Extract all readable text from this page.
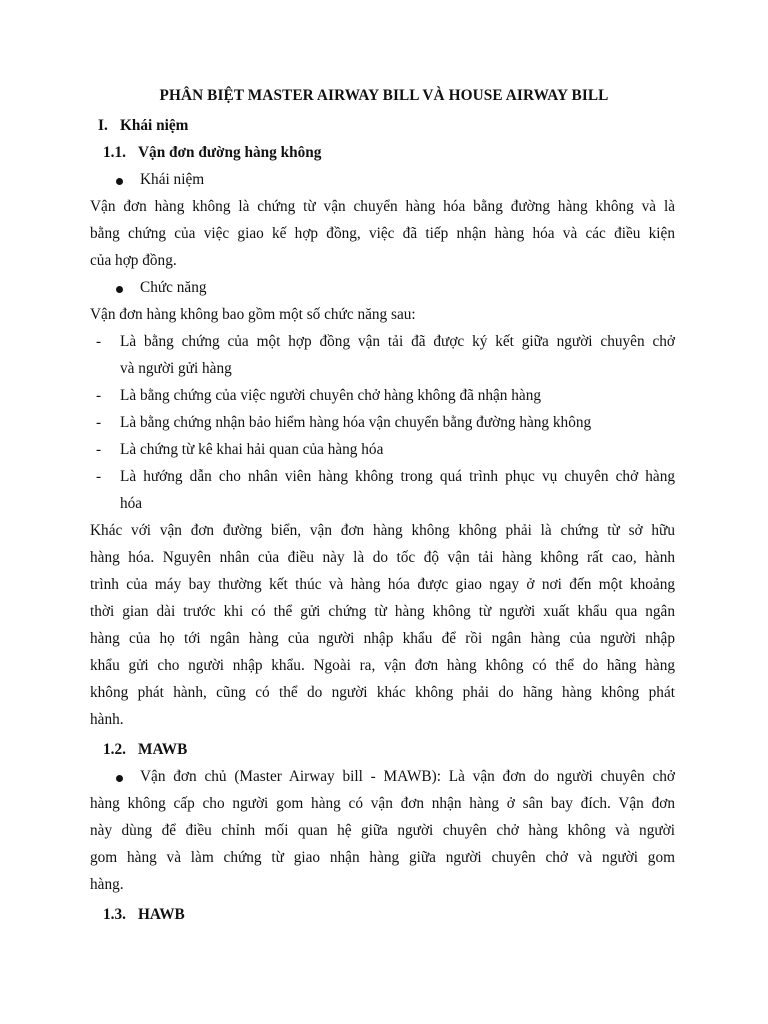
PHÂN BIỆT MASTER AIRWAY BILL VÀ HOUSE AIRWAY BILL
I. Khái niệm
1.1. Vận đơn đường hàng không
Khái niệm
Vận đơn hàng không là chứng từ vận chuyển hàng hóa bằng đường hàng không và là
bằng chứng của việc giao kế hợp đồng, việc đã tiếp nhận hàng hóa và các điều kiện
của hợp đồng.
Chức năng
Vận đơn hàng không bao gồm một số chức năng sau:
- Là bằng chứng của một hợp đồng vận tải đã được ký kết giữa người chuyên chở
và người gửi hàng
- Là bằng chứng của việc người chuyên chở hàng không đã nhận hàng
- Là bằng chứng nhận bảo hiểm hàng hóa vận chuyển bằng đường hàng không
- Là chứng từ kê khai hải quan của hàng hóa
- Là hướng dẫn cho nhân viên hàng không trong quá trình phục vụ chuyên chở hàng
hóa
Khác với vận đơn đường biển, vận đơn hàng không không phải là chứng từ sở hữu
hàng hóa. Nguyên nhân của điều này là do tốc độ vận tải hàng không rất cao, hành
trình của máy bay thường kết thúc và hàng hóa được giao ngay ở nơi đến một khoảng
thời gian dài trước khi có thể gửi chứng từ hàng không từ người xuất khẩu qua ngân
hàng của họ tới ngân hàng của người nhập khẩu để rồi ngân hàng của người nhập
khẩu gửi cho người nhập khẩu. Ngoài ra, vận đơn hàng không có thể do hãng hàng
không phát hành, cũng có thể do người khác không phải do hãng hàng không phát
hành.
1.2. MAWB
Vận đơn chủ (Master Airway bill - MAWB): Là vận đơn do người chuyên chở
hàng không cấp cho người gom hàng có vận đơn nhận hàng ở sân bay đích. Vận đơn
này dùng để điều chỉnh mối quan hệ giữa người chuyên chở hàng không và người
gom hàng và làm chứng từ giao nhận hàng giữa người chuyên chở và người gom
hàng.
1.3. HAWB
